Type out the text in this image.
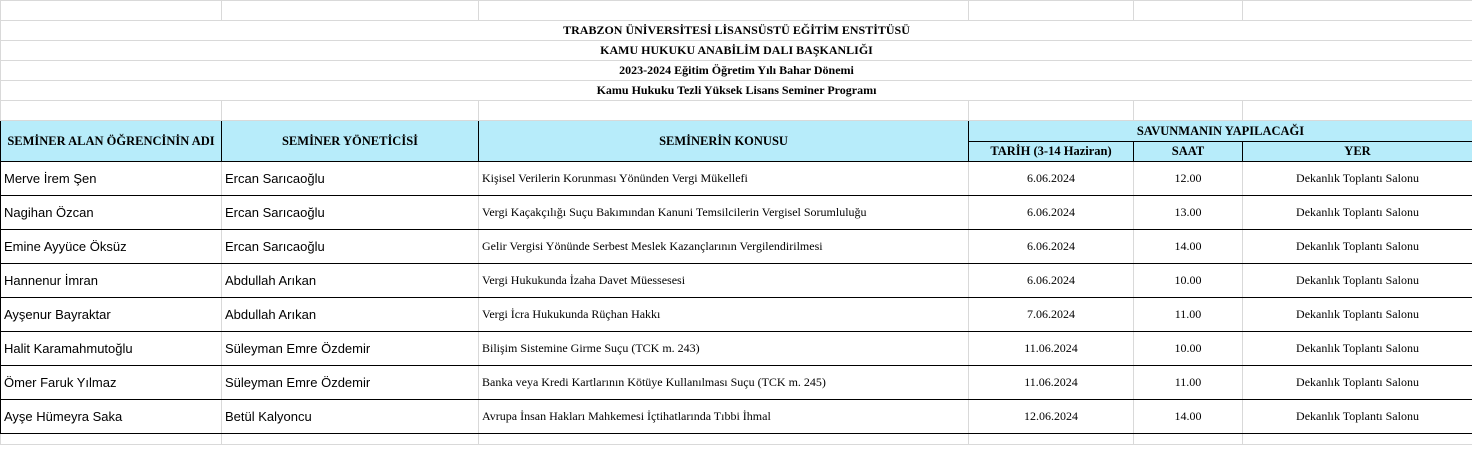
TRABZON ÜNİVERSİTESİ LİSANSÜSTÜ EĞİTİM ENSTİTÜSÜ					
KAMU HUKUKU ANABİLİM DALI BAŞKANLIĞI					
2023-2024 Eğitim Öğretim Yılı Bahar Dönemi					
Kamu Hukuku Tezli Yüksek Lisans Seminer Programı					

SEMİNER ALAN ÖĞRENCİNİN ADI	SEMİNER YÖNETİCİSİ	SEMİNERİN KONUSU	SAVUNMANIN YAPILACAĞI		
			TARİH (3-14 Haziran)	SAAT	YER
Merve İrem Şen	Ercan Sarıcaoğlu	Kişisel Verilerin Korunması Yönünden Vergi Mükellefi	6.06.2024	12.00	Dekanlık Toplantı Salonu
Nagihan Özcan	Ercan Sarıcaoğlu	Vergi Kaçakçılığı Suçu Bakımından Kanuni Temsilcilerin Vergisel Sorumluluğu	6.06.2024	13.00	Dekanlık Toplantı Salonu
Emine Ayyüce Öksüz	Ercan Sarıcaoğlu	Gelir Vergisi Yönünde Serbest Meslek Kazançlarının Vergilendirilmesi	6.06.2024	14.00	Dekanlık Toplantı Salonu
Hannenur İmran	Abdullah Arıkan	Vergi Hukukunda İzaha Davet Müessesesi	6.06.2024	10.00	Dekanlık Toplantı Salonu
Ayşenur Bayraktar	Abdullah Arıkan	Vergi İcra Hukukunda Rüçhan Hakkı	7.06.2024	11.00	Dekanlık Toplantı Salonu
Halit Karamahmutoğlu	Süleyman Emre Özdemir	Bilişim Sistemine Girme Suçu (TCK m. 243)	11.06.2024	10.00	Dekanlık Toplantı Salonu
Ömer Faruk Yılmaz	Süleyman Emre Özdemir	Banka veya Kredi Kartlarının Kötüye Kullanılması Suçu (TCK m. 245)	11.06.2024	11.00	Dekanlık Toplantı Salonu
Ayşe Hümeyra Saka	Betül Kalyoncu	Avrupa İnsan Hakları Mahkemesi İçtihatlarında Tıbbi İhmal	12.06.2024	14.00	Dekanlık Toplantı Salonu
